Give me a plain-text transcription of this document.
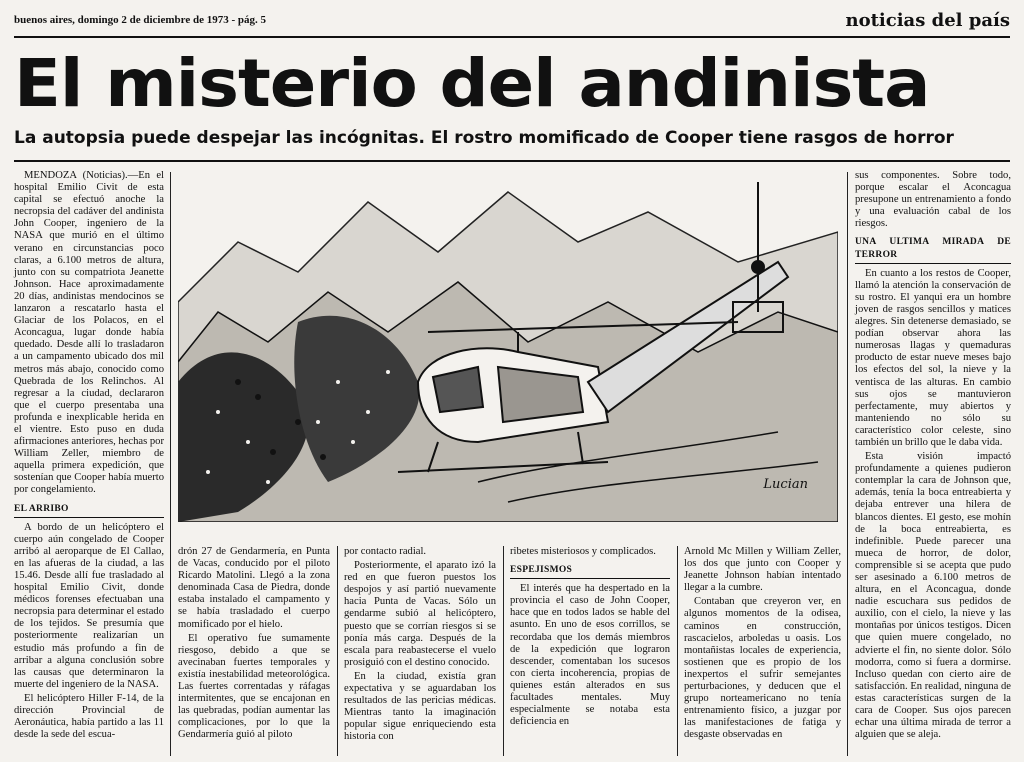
buenos aires, domingo 2 de diciembre de 1973 - pág. 5	noticias del país
El misterio del andinista
La autopsia puede despejar las incógnitas. El rostro momificado de Cooper tiene rasgos de horror

MENDOZA (Noticias).—En el hospital Emilio Civit de esta capital se efectuó anoche la necropsia del cadáver del andinista John Cooper, ingeniero de la NASA que murió en el último verano en circunstancias poco claras, a 6.100 metros de altura, junto con su compatriota Jeanette Johnson. Hace aproximadamente 20 días, andinistas mendocinos se lanzaron a rescatarlo hasta el Glaciar de los Polacos, en el Aconcagua, lugar donde había quedado. Desde allí lo trasladaron a un campamento ubicado dos mil metros más abajo, conocido como Quebrada de los Relinchos. Al regresar a la ciudad, declararon que el cuerpo presentaba una profunda e inexplicable herida en el vientre. Esto puso en duda afirmaciones anteriores, hechas por William Zeller, miembro de aquella primera expedición, que sostenían que Cooper había muerto por congelamiento.

EL ARRIBO

A bordo de un helicóptero el cuerpo aún congelado de Cooper arribó al aeroparque de El Callao, en las afueras de la ciudad, a las 15.46. Desde allí fue trasladado al hospital Emilio Civit, donde médicos forenses efectuaban una necropsia para determinar el estado de los tejidos. Se presumía que posteriormente realizarían un estudio más profundo a fin de arribar a alguna conclusión sobre las causas que determinaron la muerte del ingeniero de la NASA.

El helicóptero Hiller F-14, de la dirección Provincial de Aeronáutica, había partido a las 11 desde la sede del escua-

Lucian

sus componentes. Sobre todo, porque escalar el Aconcagua presupone un entrenamiento a fondo y una evaluación cabal de los riesgos.

UNA ULTIMA MIRADA DE TERROR

En cuanto a los restos de Cooper, llamó la atención la conservación de su rostro. El yanqui era un hombre joven de rasgos sencillos y matices alegres. Sin detenerse demasiado, se podían observar ahora las numerosas llagas y quemaduras producto de estar nueve meses bajo los efectos del sol, la nieve y la ventisca de las alturas. En cambio sus ojos se mantuvieron perfectamente, muy abiertos y manteniendo no sólo su característico color celeste, sino también un brillo que le daba vida.

Esta visión impactó profundamente a quienes pudieron contemplar la cara de Johnson que, además, tenía la boca entreabierta y dejaba entrever una hilera de blancos dientes. El gesto, ese mohín de la boca entreabierta, es indefinible. Puede parecer una mueca de horror, de dolor, comprensible si se acepta que pudo ser asesinado a 6.100 metros de altura, en el Aconcagua, donde nadie escuchara sus pedidos de auxilio, con el cielo, la nieve y las montañas por únicos testigos. Dicen que quien muere congelado, no advierte el fin, no siente dolor. Sólo modorra, como si fuera a dormirse. Incluso quedan con cierto aire de satisfacción. En realidad, ninguna de estas características surgen de la cara de Cooper. Sus ojos parecen echar una última mirada de terror a alguien que se aleja.

drón 27 de Gendarmería, en Punta de Vacas, conducido por el piloto Ricardo Matolini. Llegó a la zona denominada Casa de Piedra, donde estaba instalado el campamento y se había trasladado el cuerpo momificado por el hielo.

El operativo fue sumamente riesgoso, debido a que se avecinaban fuertes temporales y existía inestabilidad meteorológica. Las fuertes correntadas y ráfagas intermitentes, que se encajonan en las quebradas, podían aumentar las complicaciones, por lo que la Gendarmería guió al piloto

por contacto radial.

Posteriormente, el aparato izó la red en que fueron puestos los despojos y así partió nuevamente hacia Punta de Vacas. Sólo un gendarme subió al helicóptero, puesto que se corrían riesgos si se ponía más carga. Después de la escala para reabastecerse el vuelo prosiguió con el destino conocido.

En la ciudad, existía gran expectativa y se aguardaban los resultados de las pericias médicas. Mientras tanto la imaginación popular sigue enriqueciendo esta historia con

ribetes misteriosos y complicados.

ESPEJISMOS

El interés que ha despertado en la provincia el caso de John Cooper, hace que en todos lados se hable del asunto. En uno de esos corrillos, se recordaba que los demás miembros de la expedición que lograron descender, comentaban los sucesos con cierta incoherencia, propias de quienes están alterados en sus facultades mentales. Muy especialmente se notaba esta deficiencia en

Arnold Mc Millen y William Zeller, los dos que junto con Cooper y Jeanette Johnson habían intentado llegar a la cumbre.

Contaban que creyeron ver, en algunos momentos de la odisea, caminos en construcción, rascacielos, arboledas u oasis. Los montañistas locales de experiencia, sostienen que es propio de los inexpertos el sufrir semejantes perturbaciones, y deducen que el grupo norteamericano no tenía entrenamiento físico, a juzgar por las manifestaciones de fatiga y desgaste observadas en
